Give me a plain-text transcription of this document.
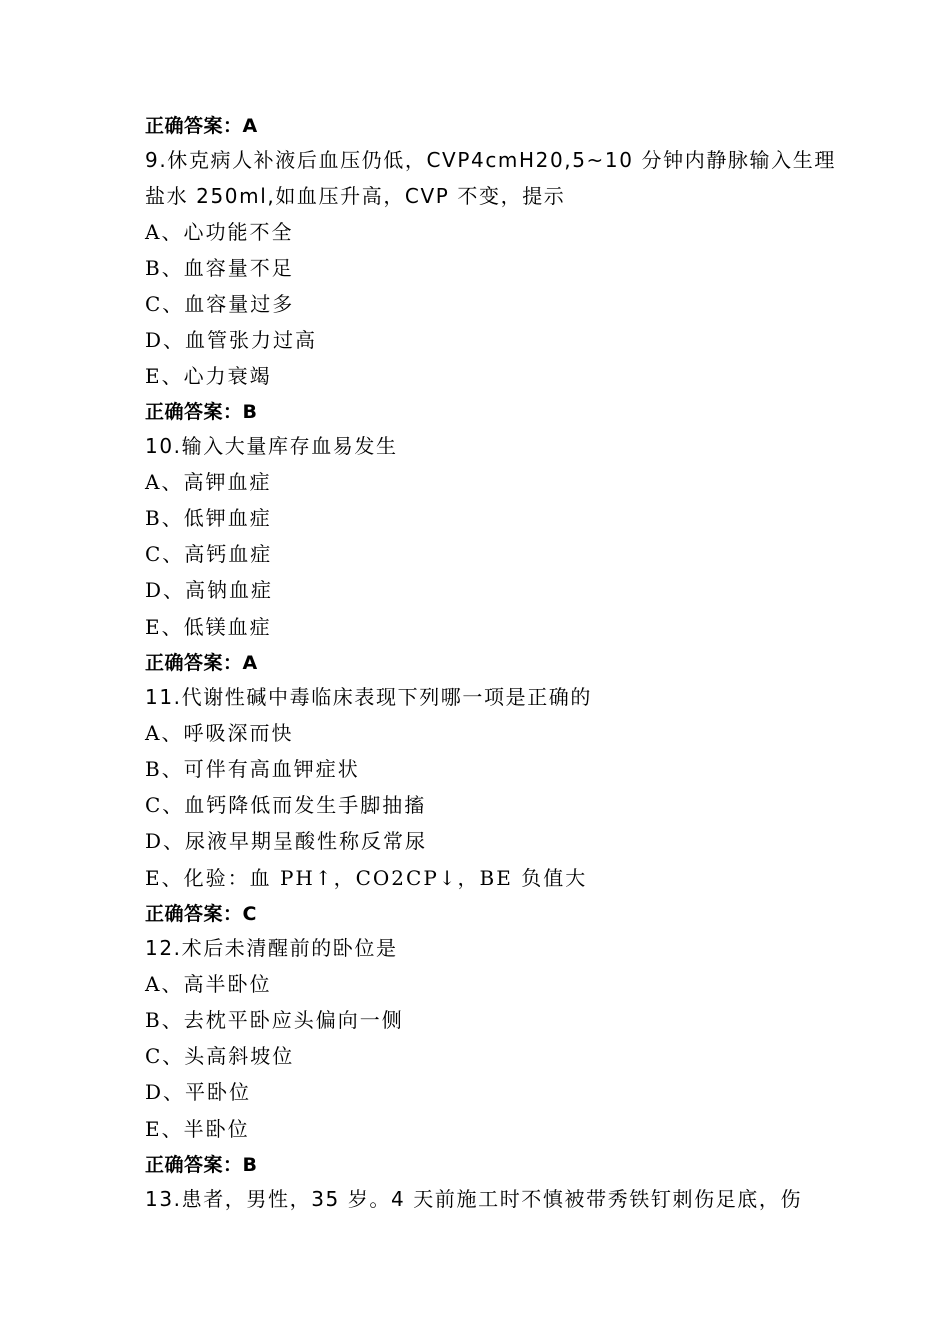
正确答案：A
9.休克病人补液后血压仍低，CVP4cmH20,5~10 分钟内静脉输入生理
盐水 250ml,如血压升高，CVP 不变，提示
A、心功能不全
B、血容量不足
C、血容量过多
D、血管张力过高
E、心力衰竭
正确答案：B
10.输入大量库存血易发生
A、高钾血症
B、低钾血症
C、高钙血症
D、高钠血症
E、低镁血症
正确答案：A
11.代谢性碱中毒临床表现下列哪一项是正确的
A、呼吸深而快
B、可伴有高血钾症状
C、血钙降低而发生手脚抽搐
D、尿液早期呈酸性称反常尿
E、化验：血 PH↑，CO2CP↓，BE 负值大
正确答案：C
12.术后未清醒前的卧位是
A、高半卧位
B、去枕平卧应头偏向一侧
C、头高斜坡位
D、平卧位
E、半卧位
正确答案：B
13.患者，男性，35 岁。4 天前施工时不慎被带秀铁钉刺伤足底，伤
